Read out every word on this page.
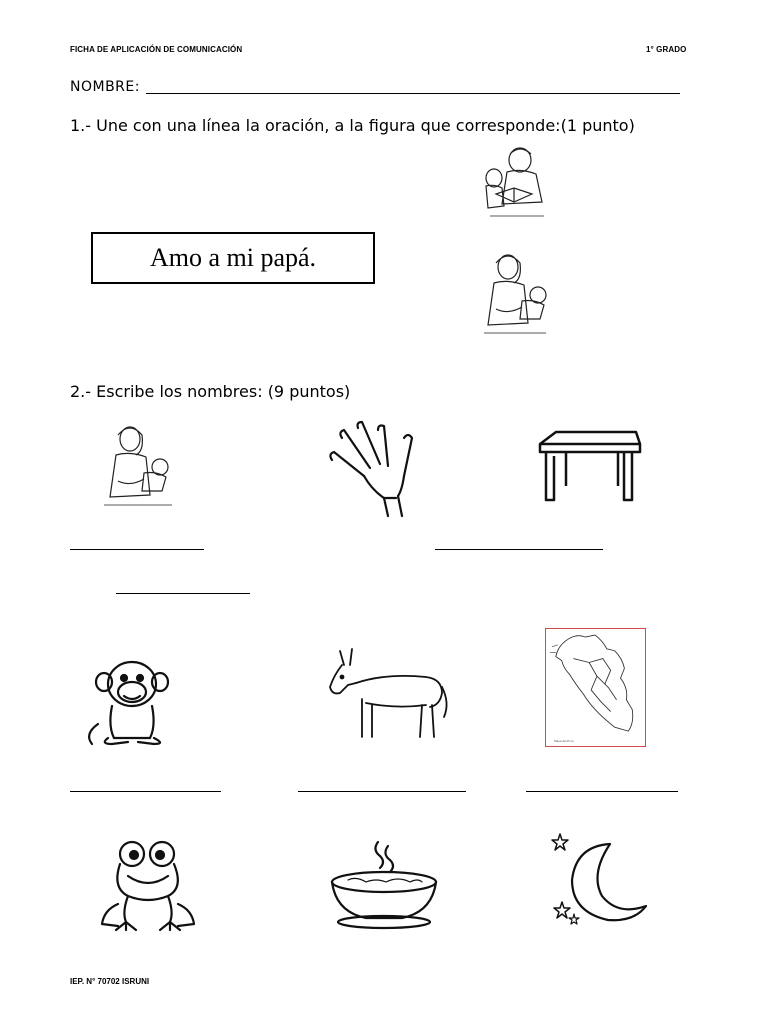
FICHA DE APLICACIÓN DE COMUNICACIÓN	1° GRADO
NOMBRE:
1.- Une con una línea la oración, a la figura que corresponde:(1 punto)
Amo a mi papá.
2.- Escribe los nombres: (9 puntos)
Mapa del Perú
IEP. N° 70702 ISRUNI
